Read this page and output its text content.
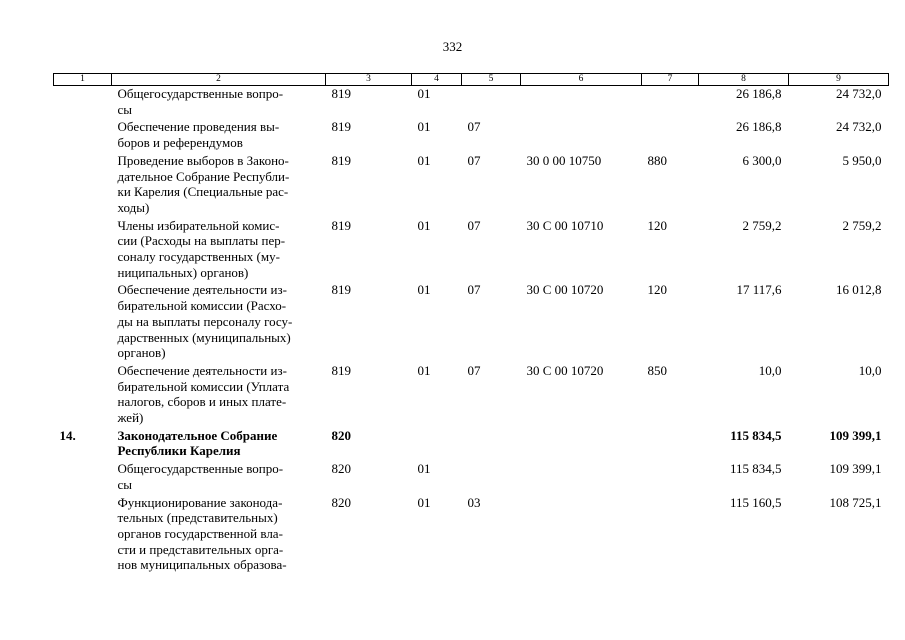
332
1	2	3	4	5	6	7	8	9

	Общегосударственные вопро-
сы	819	01				26 186,8	24 732,0

	Обеспечение проведения вы-
боров и референдумов	819	01	07			26 186,8	24 732,0

	Проведение выборов в Законо-
дательное Собрание Республи-
ки Карелия (Специальные рас-
ходы)	819	01	07	30 0 00 10750	880	6 300,0	5 950,0

	Члены избирательной комис-
сии (Расходы на выплаты пер-
соналу государственных (му-
ниципальных) органов)	819	01	07	30 С 00 10710	120	2 759,2	2 759,2

	Обеспечение деятельности из-
бирательной комиссии (Расхо-
ды на выплаты персоналу госу-
дарственных (муниципальных)
органов)	819	01	07	30 С 00 10720	120	17 117,6	16 012,8

	Обеспечение деятельности из-
бирательной комиссии (Уплата
налогов, сборов и иных плате-
жей)	819	01	07	30 С 00 10720	850	10,0	10,0
14.	Законодательное Собрание
Республики Карелия	820					115 834,5	109 399,1

	Общегосударственные вопро-
сы	820	01				115 834,5	109 399,1

	Функционирование законода-
тельных (представительных)
органов государственной вла-
сти и представительных орга-
нов муниципальных образова-	820	01	03			115 160,5	108 725,1
